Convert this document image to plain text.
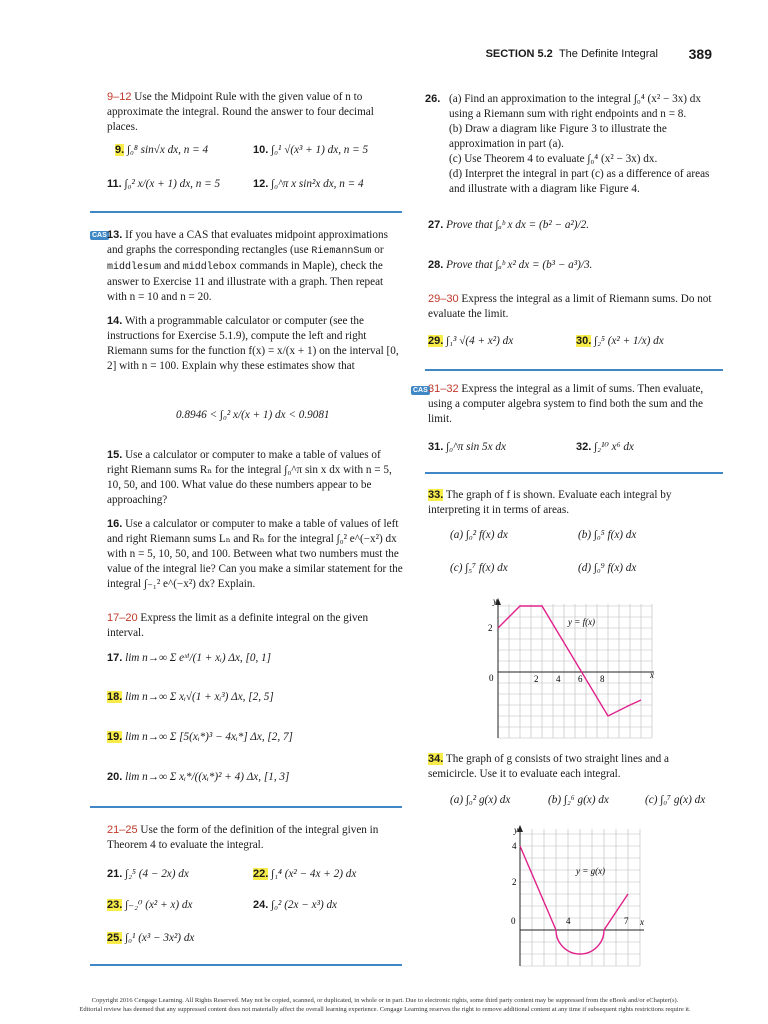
SECTION 5.2 The Definite Integral 389
9–12 Use the Midpoint Rule with the given value of n to approximate the integral. Round the answer to four decimal places.
9. ∫₀⁸ sin√x dx, n = 4	10. ∫₀¹ √(x³ + 1) dx, n = 5
11. ∫₀² x/(x + 1) dx, n = 5	12. ∫₀^π x sin²x dx, n = 4
CAS 13. If you have a CAS that evaluates midpoint approximations and graphs the corresponding rectangles (use RiemannSum or middlesum and middlebox commands in Maple), check the answer to Exercise 11 and illustrate with a graph. Then repeat with n = 10 and n = 20.
14. With a programmable calculator or computer (see the instructions for Exercise 5.1.9), compute the left and right Riemann sums for the function f(x) = x/(x + 1) on the interval [0, 2] with n = 100. Explain why these estimates show that
0.8946 < ∫₀² x/(x + 1) dx < 0.9081
15. Use a calculator or computer to make a table of values of right Riemann sums Rₙ for the integral ∫₀^π sin x dx with n = 5, 10, 50, and 100. What value do these numbers appear to be approaching?
16. Use a calculator or computer to make a table of values of left and right Riemann sums Lₙ and Rₙ for the integral ∫₀² e^(−x²) dx with n = 5, 10, 50, and 100. Between what two numbers must the value of the integral lie? Can you make a similar statement for the integral ∫₋₁² e^(−x²) dx? Explain.
17–20 Express the limit as a definite integral on the given interval.
17. lim n→∞ Σ eˣⁱ/(1 + xᵢ) Δx, [0, 1]
18. lim n→∞ Σ xᵢ√(1 + xᵢ³) Δx, [2, 5]
19. lim n→∞ Σ [5(xᵢ*)³ − 4xᵢ*] Δx, [2, 7]
20. lim n→∞ Σ xᵢ*/((xᵢ*)² + 4) Δx, [1, 3]
21–25 Use the form of the definition of the integral given in Theorem 4 to evaluate the integral.
21. ∫₂⁵ (4 − 2x) dx	22. ∫₁⁴ (x² − 4x + 2) dx
23. ∫₋₂⁰ (x² + x) dx	24. ∫₀² (2x − x³) dx
25. ∫₀¹ (x³ − 3x²) dx
26. (a) Find an approximation to the integral ∫₀⁴ (x² − 3x) dx using a Riemann sum with right endpoints and n = 8.
(b) Draw a diagram like Figure 3 to illustrate the approximation in part (a).
(c) Use Theorem 4 to evaluate ∫₀⁴ (x² − 3x) dx.
(d) Interpret the integral in part (c) as a difference of areas and illustrate with a diagram like Figure 4.
27. Prove that ∫ₐᵇ x dx = (b² − a²)/2.
28. Prove that ∫ₐᵇ x² dx = (b³ − a³)/3.
29–30 Express the integral as a limit of Riemann sums. Do not evaluate the limit.
29. ∫₁³ √(4 + x²) dx	30. ∫₂⁵ (x² + 1/x) dx
CAS 31–32 Express the integral as a limit of sums. Then evaluate, using a computer algebra system to find both the sum and the limit.
31. ∫₀^π sin 5x dx	32. ∫₂¹⁰ x⁶ dx
33. The graph of f is shown. Evaluate each integral by interpreting it in terms of areas.
(a) ∫₀² f(x) dx	(b) ∫₀⁵ f(x) dx
(c) ∫₅⁷ f(x) dx	(d) ∫₀⁹ f(x) dx
y
x
y = f(x)
2
0	2 4 6 8
34. The graph of g consists of two straight lines and a semicircle. Use it to evaluate each integral.
(a) ∫₀² g(x) dx	(b) ∫₂⁶ g(x) dx	(c) ∫₀⁷ g(x) dx
y
x
y = g(x)
4
2
0	4	7
Copyright 2016 Cengage Learning. All Rights Reserved. May not be copied, scanned, or duplicated, in whole or in part. Due to electronic rights, some third party content may be suppressed from the eBook and/or eChapter(s).
Editorial review has deemed that any suppressed content does not materially affect the overall learning experience. Cengage Learning reserves the right to remove additional content at any time if subsequent rights restrictions require it.
